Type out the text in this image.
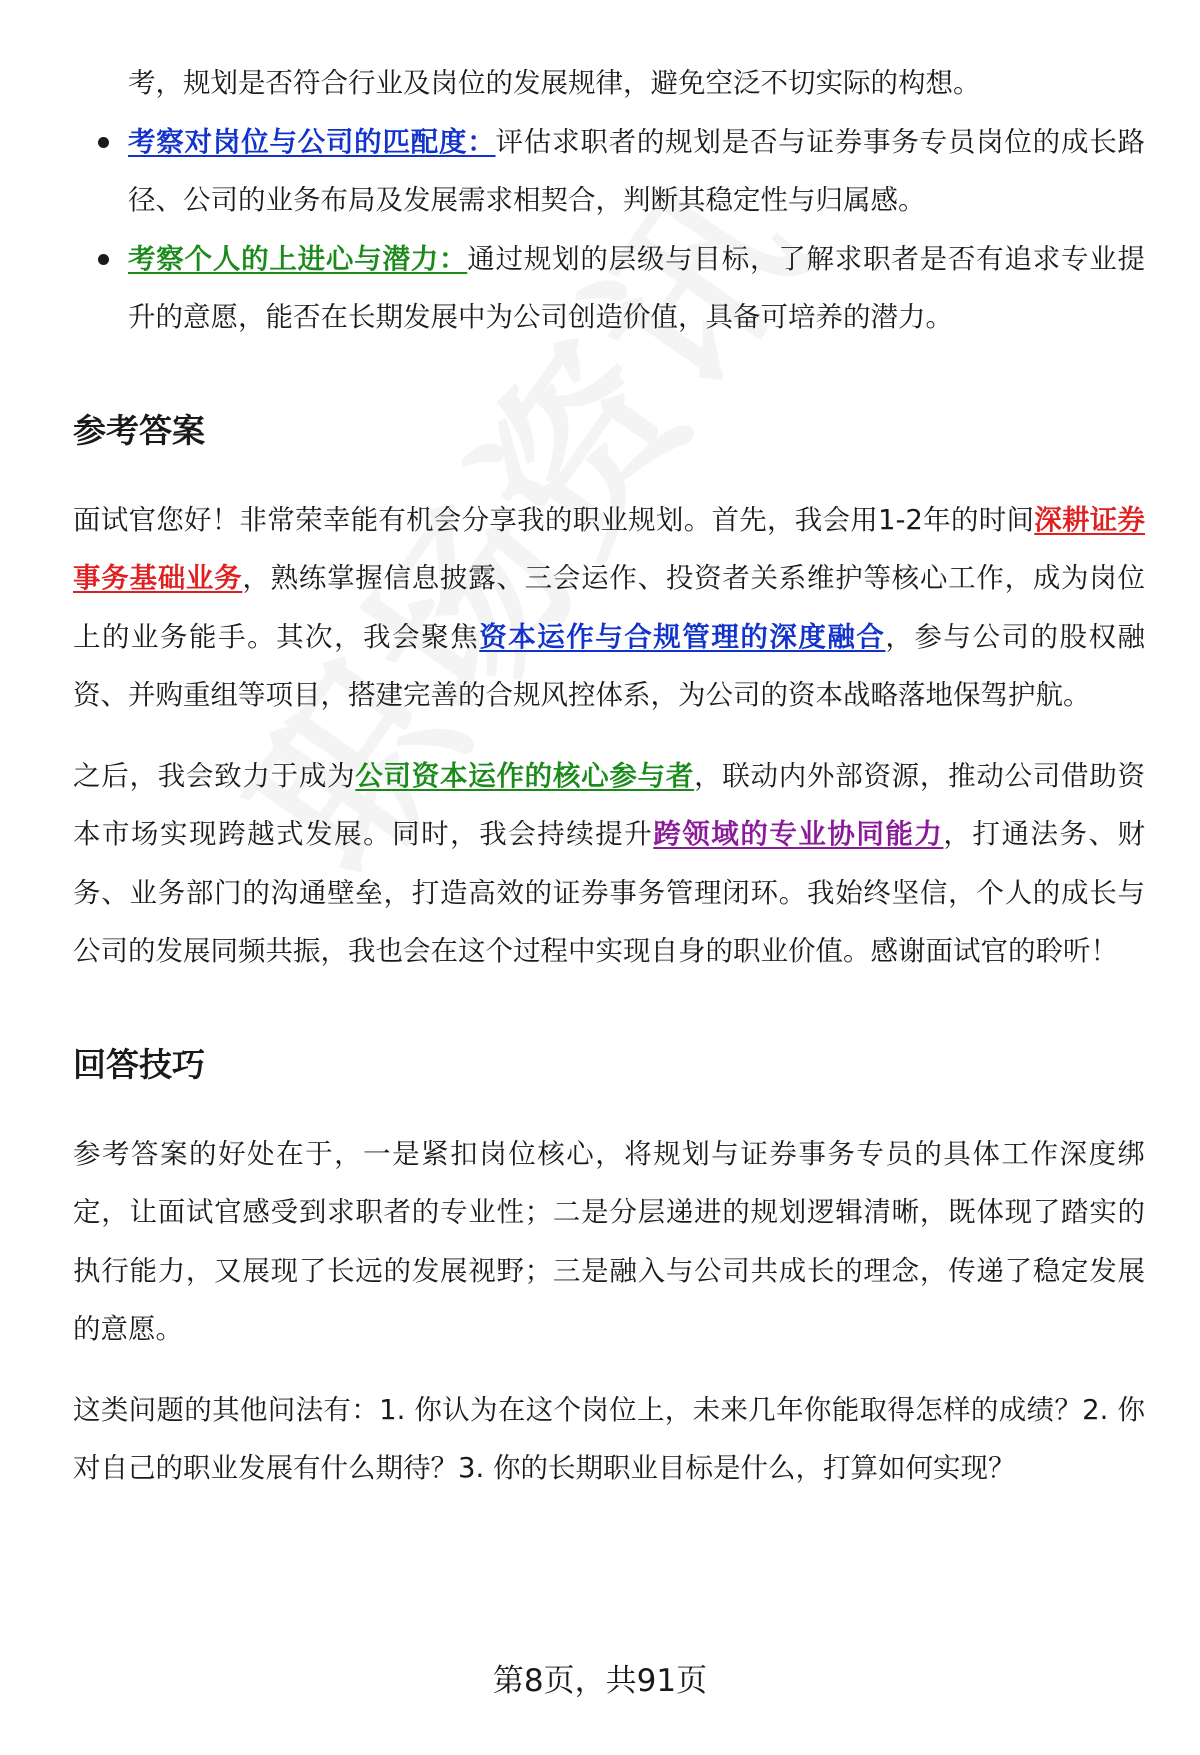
考，规划是否符合行业及岗位的发展规律，避免空泛不切实际的构想。

考察对岗位与公司的匹配度：评估求职者的规划是否与证券事务专员岗位的成长路径、公司的业务布局及发展需求相契合，判断其稳定性与归属感。
考察个人的上进心与潜力：通过规划的层级与目标，了解求职者是否有追求专业提升的意愿，能否在长期发展中为公司创造价值，具备可培养的潜力。
参考答案

面试官您好！非常荣幸能有机会分享我的职业规划。首先，我会用1-2年的时间深耕证券事务基础业务，熟练掌握信息披露、三会运作、投资者关系维护等核心工作，成为岗位上的业务能手。其次，我会聚焦资本运作与合规管理的深度融合，参与公司的股权融资、并购重组等项目，搭建完善的合规风控体系，为公司的资本战略落地保驾护航。

之后，我会致力于成为公司资本运作的核心参与者，联动内外部资源，推动公司借助资本市场实现跨越式发展。同时，我会持续提升跨领域的专业协同能力，打通法务、财务、业务部门的沟通壁垒，打造高效的证券事务管理闭环。我始终坚信，个人的成长与公司的发展同频共振，我也会在这个过程中实现自身的职业价值。感谢面试官的聆听！

回答技巧

参考答案的好处在于，一是紧扣岗位核心，将规划与证券事务专员的具体工作深度绑定，让面试官感受到求职者的专业性；二是分层递进的规划逻辑清晰，既体现了踏实的执行能力，又展现了长远的发展视野；三是融入与公司共成长的理念，传递了稳定发展的意愿。

这类问题的其他问法有：1. 你认为在这个岗位上，未来几年你能取得怎样的成绩？2. 你对自己的职业发展有什么期待？3. 你的长期职业目标是什么，打算如何实现？

第8页，共91页
